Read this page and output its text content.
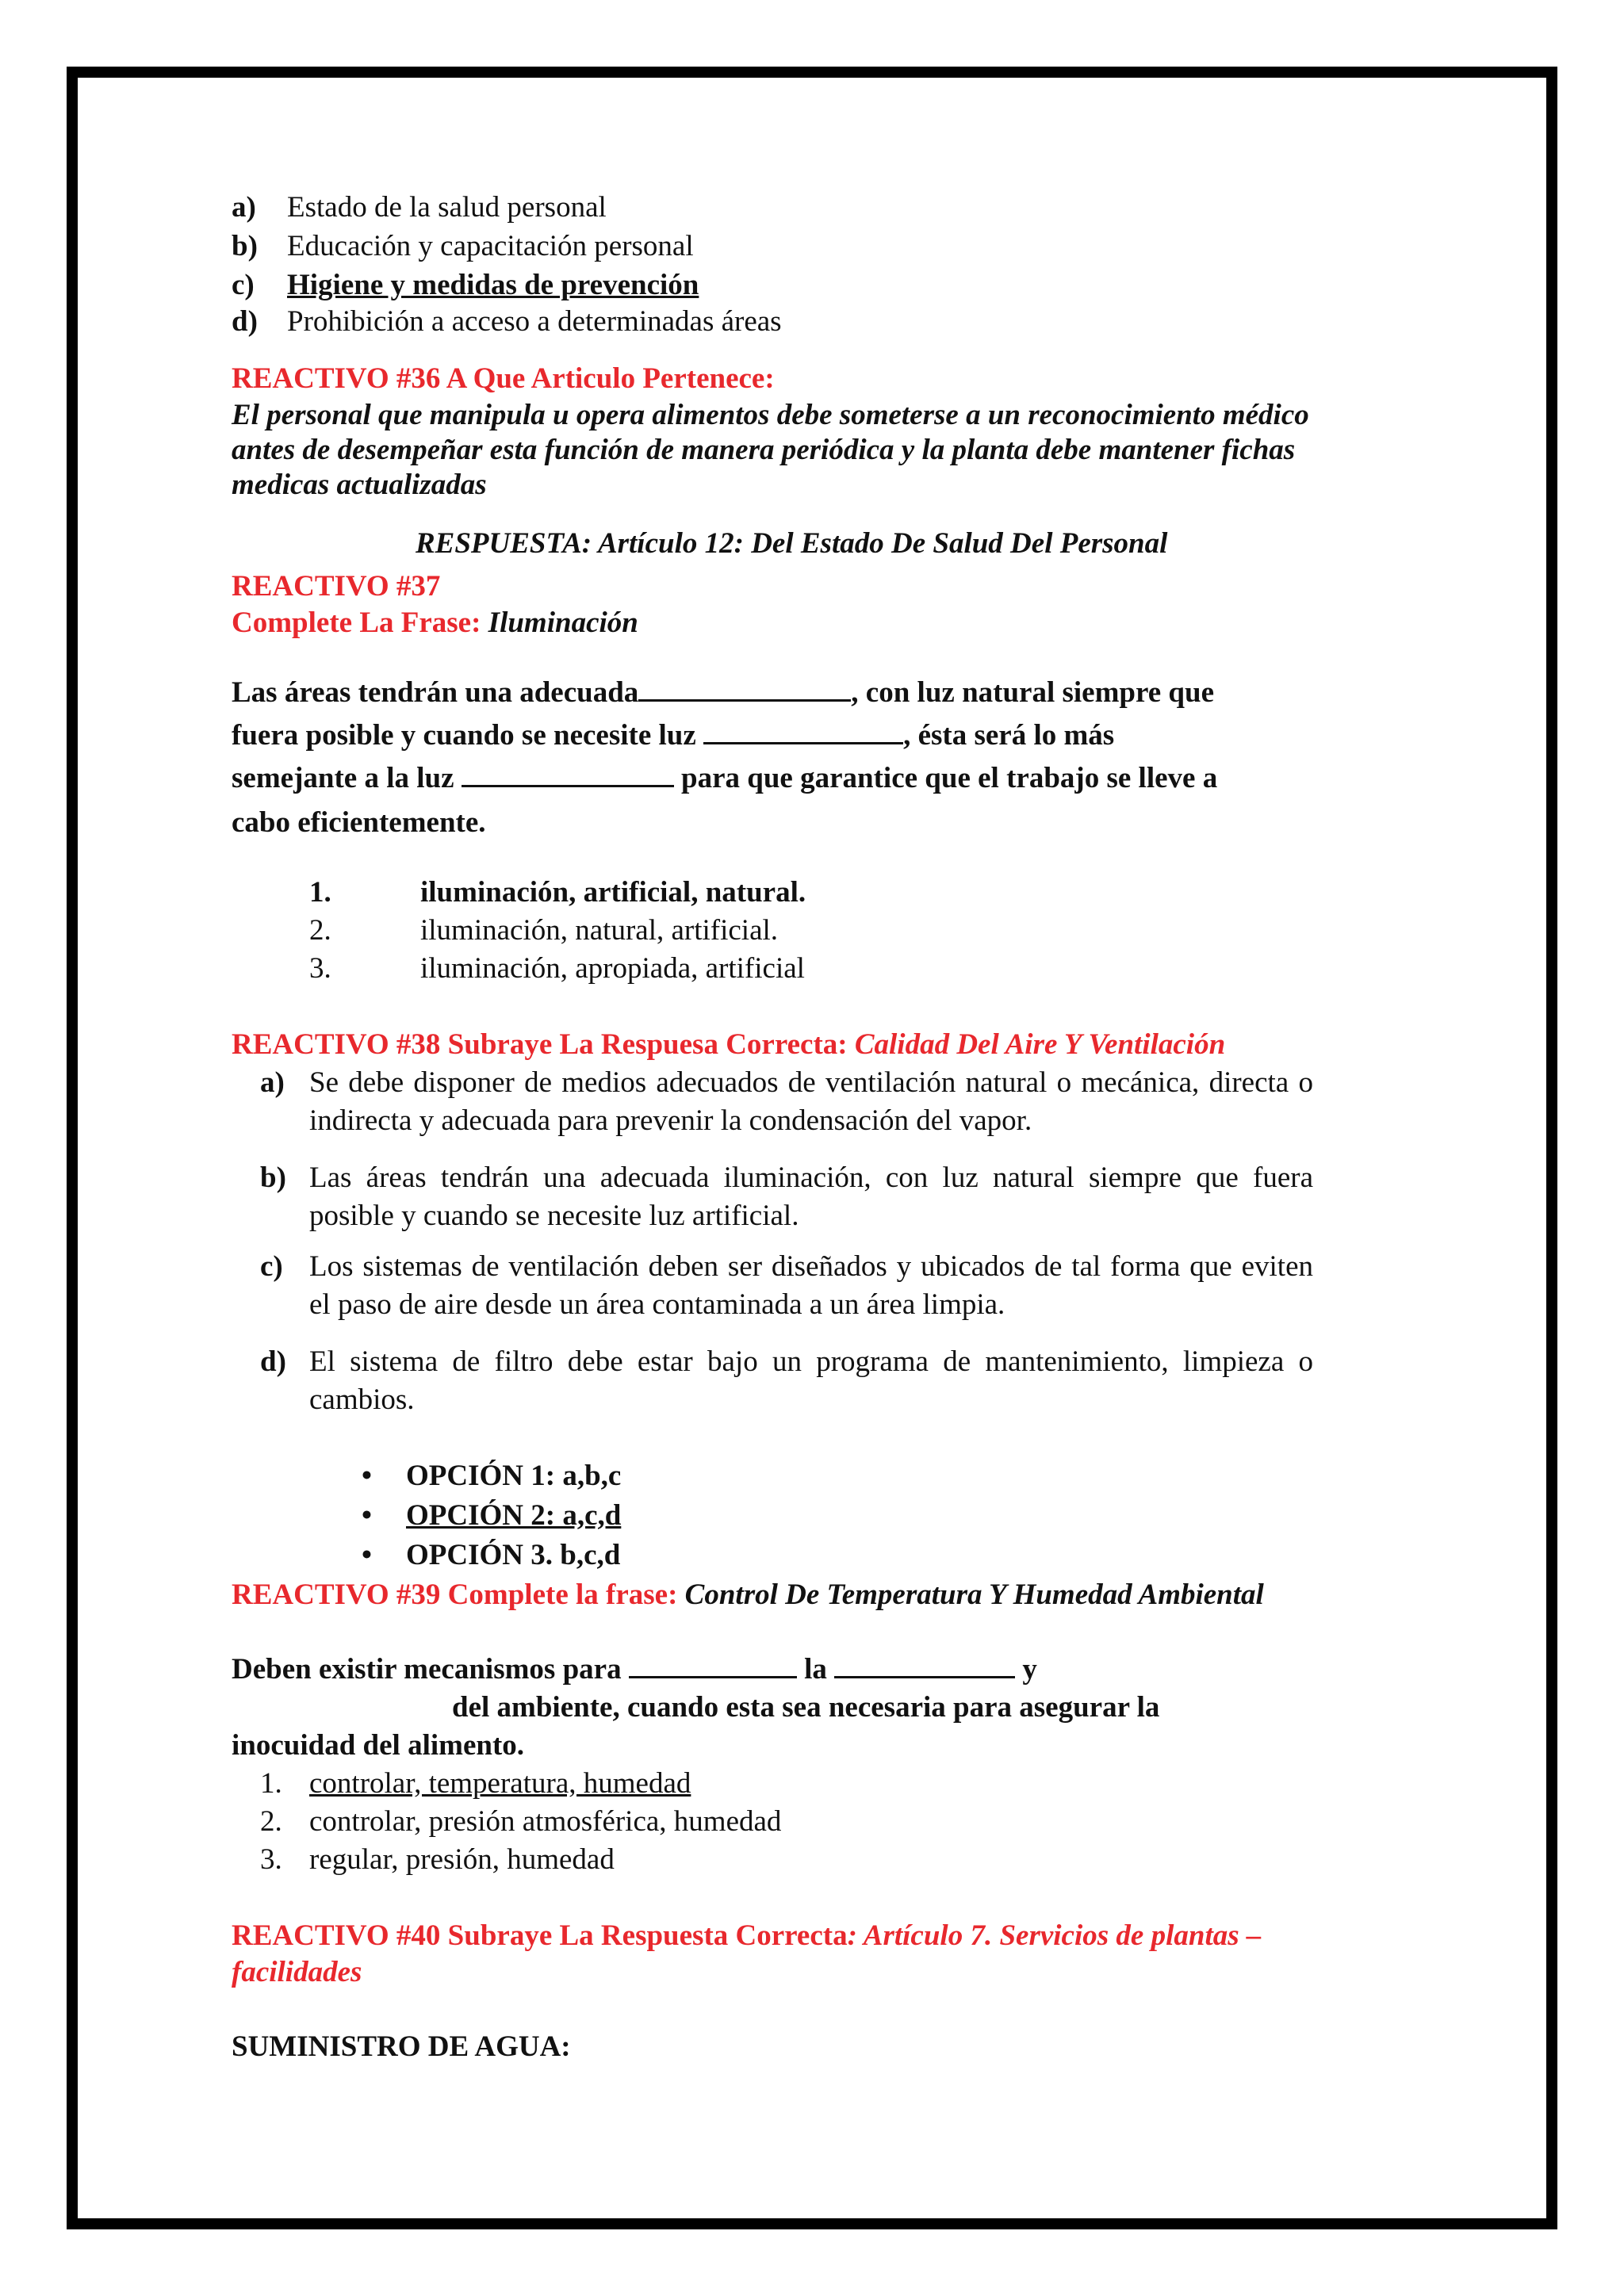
a) Estado de la salud personal
b) Educación y capacitación personal
c) Higiene y medidas de prevención
d) Prohibición a acceso a determinadas áreas
REACTIVO #36 A Que Articulo Pertenece:
El personal que manipula u opera alimentos debe someterse a un reconocimiento médico
antes de desempeñar esta función de manera periódica y la planta debe mantener fichas
medicas actualizadas
RESPUESTA: Artículo 12: Del Estado De Salud Del Personal
REACTIVO #37
Complete La Frase: Iluminación
Las áreas tendrán una adecuada	, con luz natural siempre que
fuera posible y cuando se necesite luz	, ésta será lo más
semejante a la luz	para que garantice que el trabajo se lleve a
cabo eficientemente.
1.	iluminación, artificial, natural.
2.	iluminación, natural, artificial.
3.	iluminación, apropiada, artificial
REACTIVO #38 Subraye La Respuesa Correcta: Calidad Del Aire Y Ventilación
a) Se debe disponer de medios adecuados de ventilación natural o mecánica, directa o indirecta y adecuada para prevenir la condensación del vapor.
b) Las áreas tendrán una adecuada iluminación, con luz natural siempre que fuera posible y cuando se necesite luz artificial.
c) Los sistemas de ventilación deben ser diseñados y ubicados de tal forma que eviten el paso de aire desde un área contaminada a un área limpia.
d) El sistema de filtro debe estar bajo un programa de mantenimiento, limpieza o cambios.
• OPCIÓN 1: a,b,c
• OPCIÓN 2: a,c,d
• OPCIÓN 3. b,c,d
REACTIVO #39 Complete la frase: Control De Temperatura Y Humedad Ambiental
Deben existir mecanismos para	la	y
del ambiente, cuando esta sea necesaria para asegurar la
inocuidad del alimento.
1. controlar, temperatura, humedad
2. controlar, presión atmosférica, humedad
3. regular, presión, humedad
REACTIVO #40 Subraye La Respuesta Correcta: Artículo 7. Servicios de plantas –
facilidades
SUMINISTRO DE AGUA:
